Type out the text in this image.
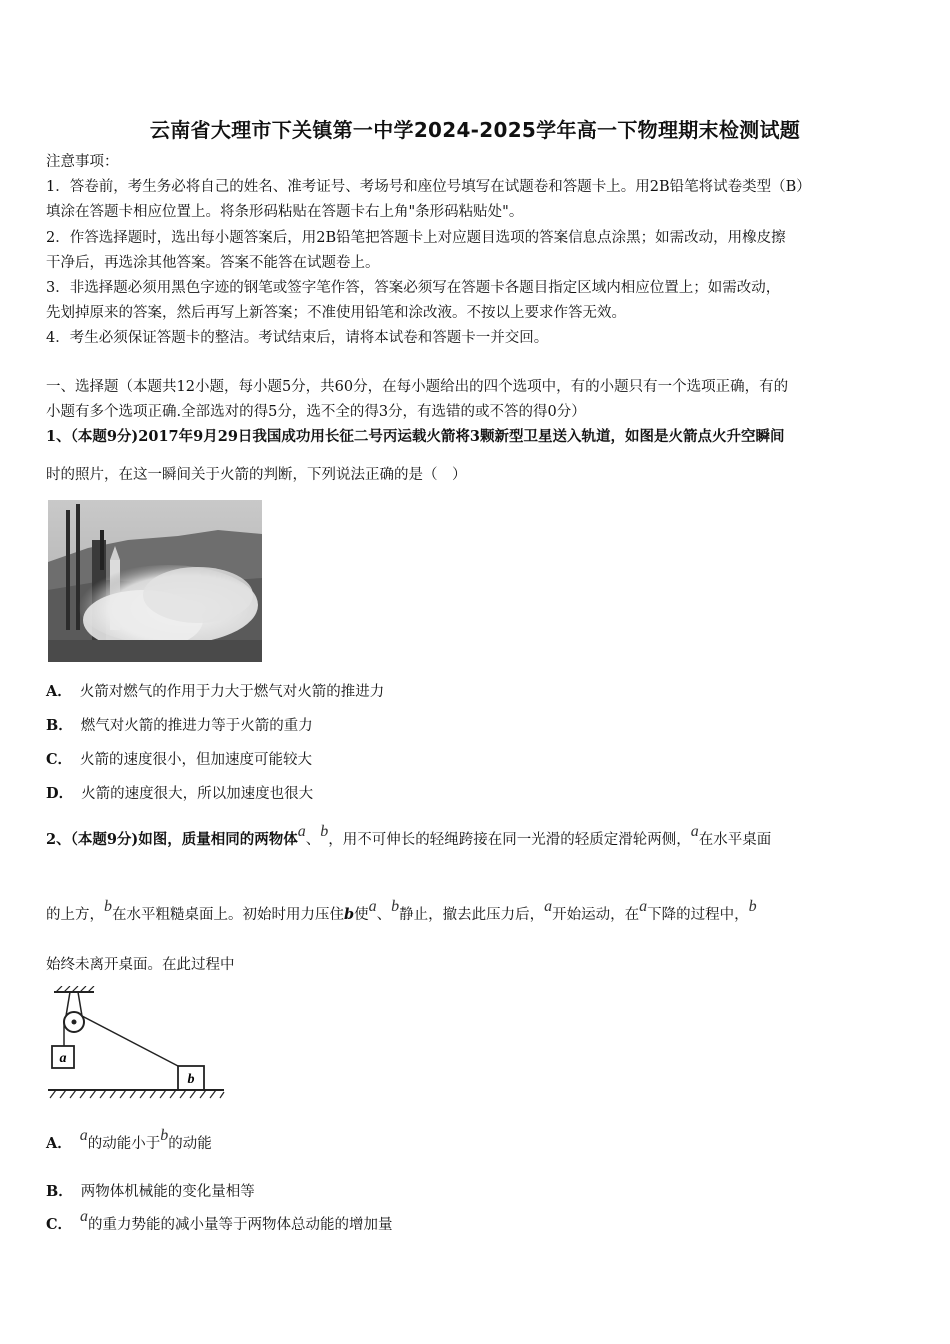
云南省大理市下关镇第一中学2024-2025学年高一下物理期末检测试题
注意事项：
1．答卷前，考生务必将自己的姓名、准考证号、考场号和座位号填写在试题卷和答题卡上。用2B铅笔将试卷类型（B）
填涂在答题卡相应位置上。将条形码粘贴在答题卡右上角"条形码粘贴处"。
2．作答选择题时，选出每小题答案后，用2B铅笔把答题卡上对应题目选项的答案信息点涂黑；如需改动，用橡皮擦
干净后，再选涂其他答案。答案不能答在试题卷上。
3．非选择题必须用黑色字迹的钢笔或签字笔作答，答案必须写在答题卡各题目指定区域内相应位置上；如需改动，
先划掉原来的答案，然后再写上新答案；不准使用铅笔和涂改液。不按以上要求作答无效。
4．考生必须保证答题卡的整洁。考试结束后，请将本试卷和答题卡一并交回。
一、选择题（本题共12小题，每小题5分，共60分，在每小题给出的四个选项中，有的小题只有一个选项正确，有的
小题有多个选项正确.全部选对的得5分，选不全的得3分，有选错的或不答的得0分）
1、（本题9分)2017年9月29日我国成功用长征二号丙运载火箭将3颗新型卫星送入轨道，如图是火箭点火升空瞬间
时的照片，在这一瞬间关于火箭的判断，下列说法正确的是（　）
A． 火箭对燃气的作用于力大于燃气对火箭的推进力
B． 燃气对火箭的推进力等于火箭的重力
C． 火箭的速度很小，但加速度可能较大
D． 火箭的速度很大，所以加速度也很大
2、（本题9分)如图，质量相同的两物体a、b，用不可伸长的轻绳跨接在同一光滑的轻质定滑轮两侧，a在水平桌面
的上方，b在水平粗糙桌面上。初始时用力压住b使a、b静止，撤去此压力后，a开始运动，在a下降的过程中，b
始终未离开桌面。在此过程中
a
b
A． a的动能小于b的动能
B． 两物体机械能的变化量相等
C． a的重力势能的减小量等于两物体总动能的增加量
